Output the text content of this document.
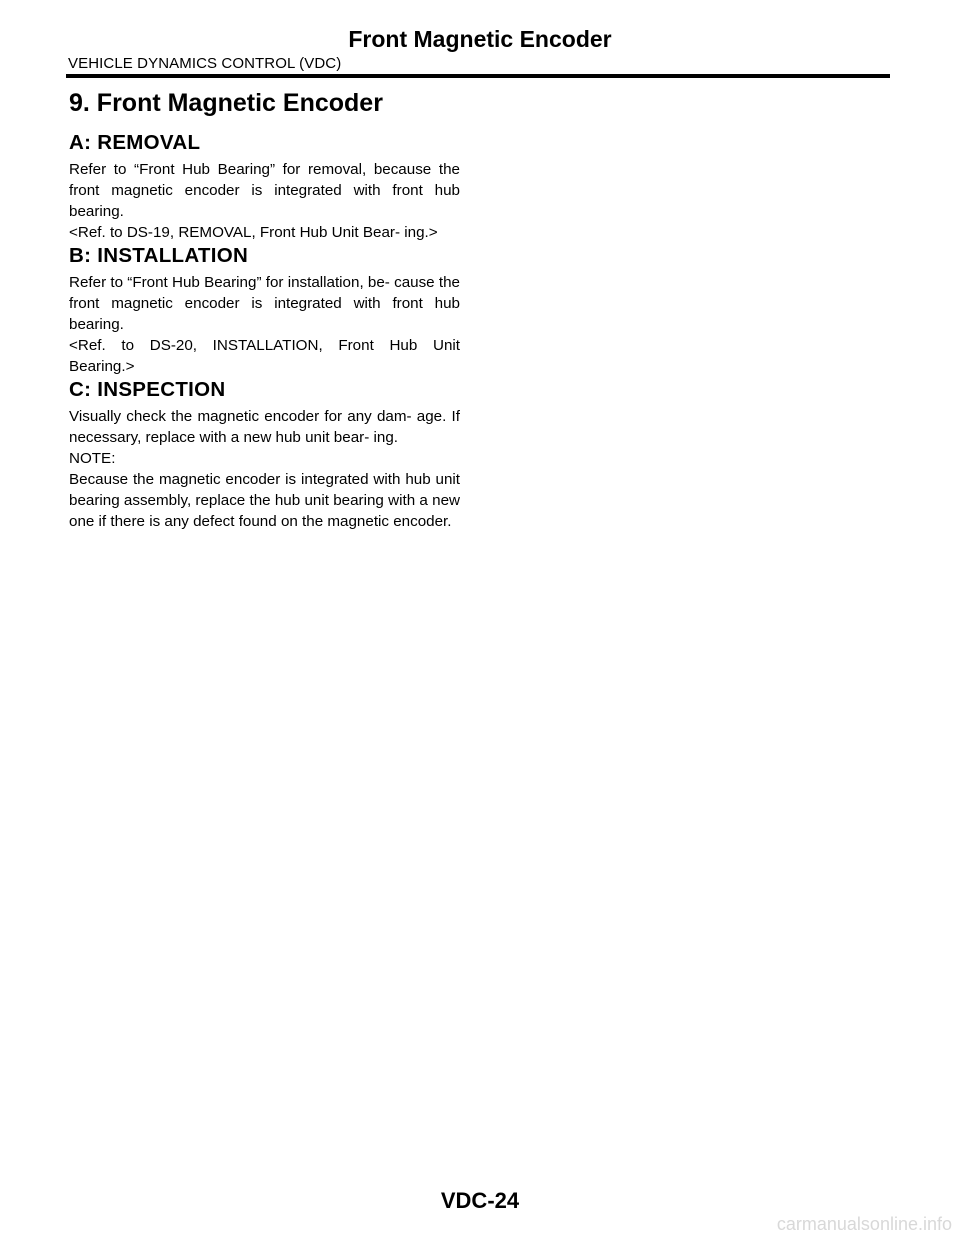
Front Magnetic Encoder
VEHICLE DYNAMICS CONTROL (VDC)
9. Front Magnetic Encoder
A: REMOVAL

Refer to “Front Hub Bearing” for removal, because the front magnetic encoder is integrated with front hub bearing.

<Ref. to DS-19, REMOVAL, Front Hub Unit Bear- ing.>

B: INSTALLATION

Refer to “Front Hub Bearing” for installation, be- cause the front magnetic encoder is integrated with front hub bearing.

<Ref. to DS-20, INSTALLATION, Front Hub Unit Bearing.>

C: INSPECTION

Visually check the magnetic encoder for any dam- age. If necessary, replace with a new hub unit bear- ing.

NOTE:

Because the magnetic encoder is integrated with hub unit bearing assembly, replace the hub unit bearing with a new one if there is any defect found on the magnetic encoder.

VDC-24
carmanualsonline.info
